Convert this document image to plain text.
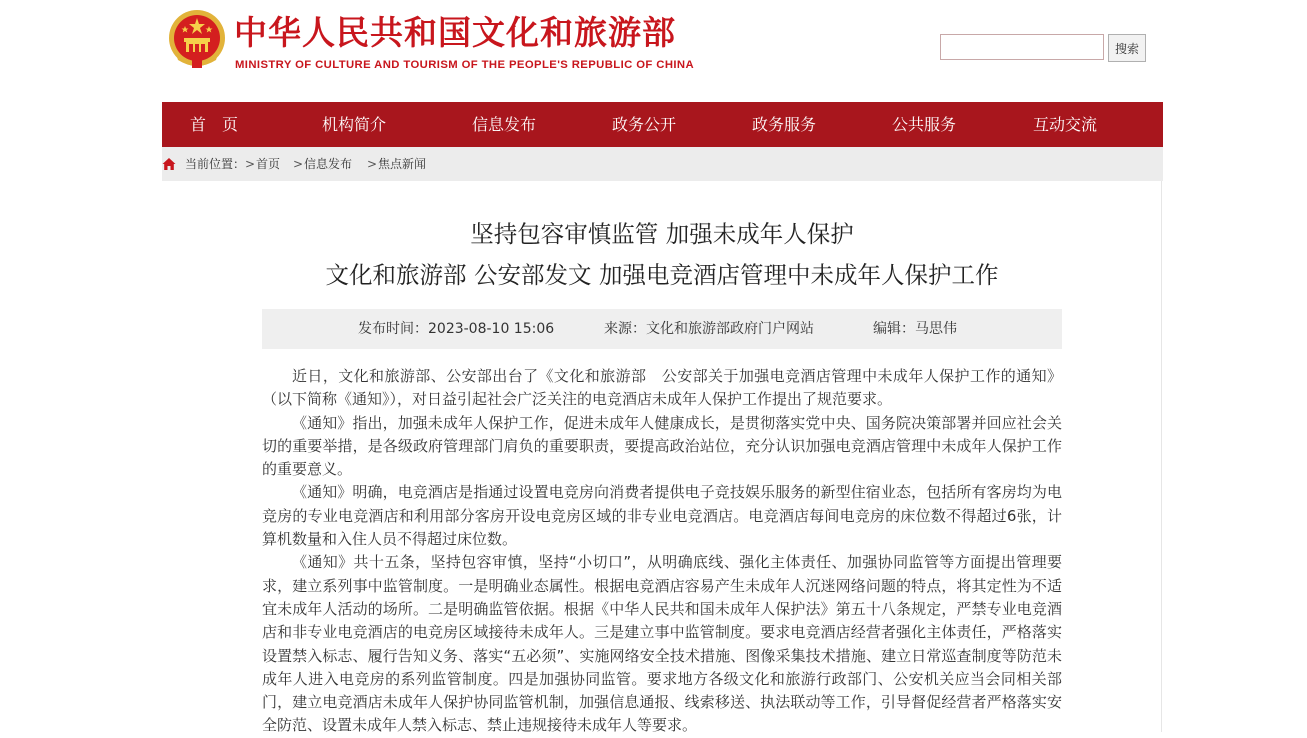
中华人民共和国文化和旅游部
MINISTRY OF CULTURE AND TOURISM OF THE PEOPLE'S REPUBLIC OF CHINA
搜索
首　页	机构简介	信息发布	政务公开	政务服务	公共服务	互动交流
当前位置： > 首页 > 信息发布 > 焦点新闻
坚持包容审慎监管 加强未成年人保护
文化和旅游部 公安部发文 加强电竞酒店管理中未成年人保护工作
发布时间：2023-08-10 15:06	来源：文化和旅游部政府门户网站	编辑：马思伟

近日，文化和旅游部、公安部出台了《文化和旅游部　公安部关于加强电竞酒店管理中未成年人保护工作的通知》（以下简称《通知》），对日益引起社会广泛关注的电竞酒店未成年人保护工作提出了规范要求。

《通知》指出，加强未成年人保护工作，促进未成年人健康成长，是贯彻落实党中央、国务院决策部署并回应社会关切的重要举措，是各级政府管理部门肩负的重要职责，要提高政治站位，充分认识加强电竞酒店管理中未成年人保护工作的重要意义。

《通知》明确，电竞酒店是指通过设置电竞房向消费者提供电子竞技娱乐服务的新型住宿业态，包括所有客房均为电竞房的专业电竞酒店和利用部分客房开设电竞房区域的非专业电竞酒店。电竞酒店每间电竞房的床位数不得超过6张，计算机数量和入住人员不得超过床位数。

《通知》共十五条，坚持包容审慎，坚持“小切口”，从明确底线、强化主体责任、加强协同监管等方面提出管理要求，建立系列事中监管制度。一是明确业态属性。根据电竞酒店容易产生未成年人沉迷网络问题的特点，将其定性为不适宜未成年人活动的场所。二是明确监管依据。根据《中华人民共和国未成年人保护法》第五十八条规定，严禁专业电竞酒店和非专业电竞酒店的电竞房区域接待未成年人。三是建立事中监管制度。要求电竞酒店经营者强化主体责任，严格落实设置禁入标志、履行告知义务、落实“五必须”、实施网络安全技术措施、图像采集技术措施、建立日常巡查制度等防范未成年人进入电竞房的系列监管制度。四是加强协同监管。要求地方各级文化和旅游行政部门、公安机关应当会同相关部门，建立电竞酒店未成年人保护协同监管机制，加强信息通报、线索移送、执法联动等工作，引导督促经营者严格落实安全防范、设置未成年人禁入标志、禁止违规接待未成年人等要求。
